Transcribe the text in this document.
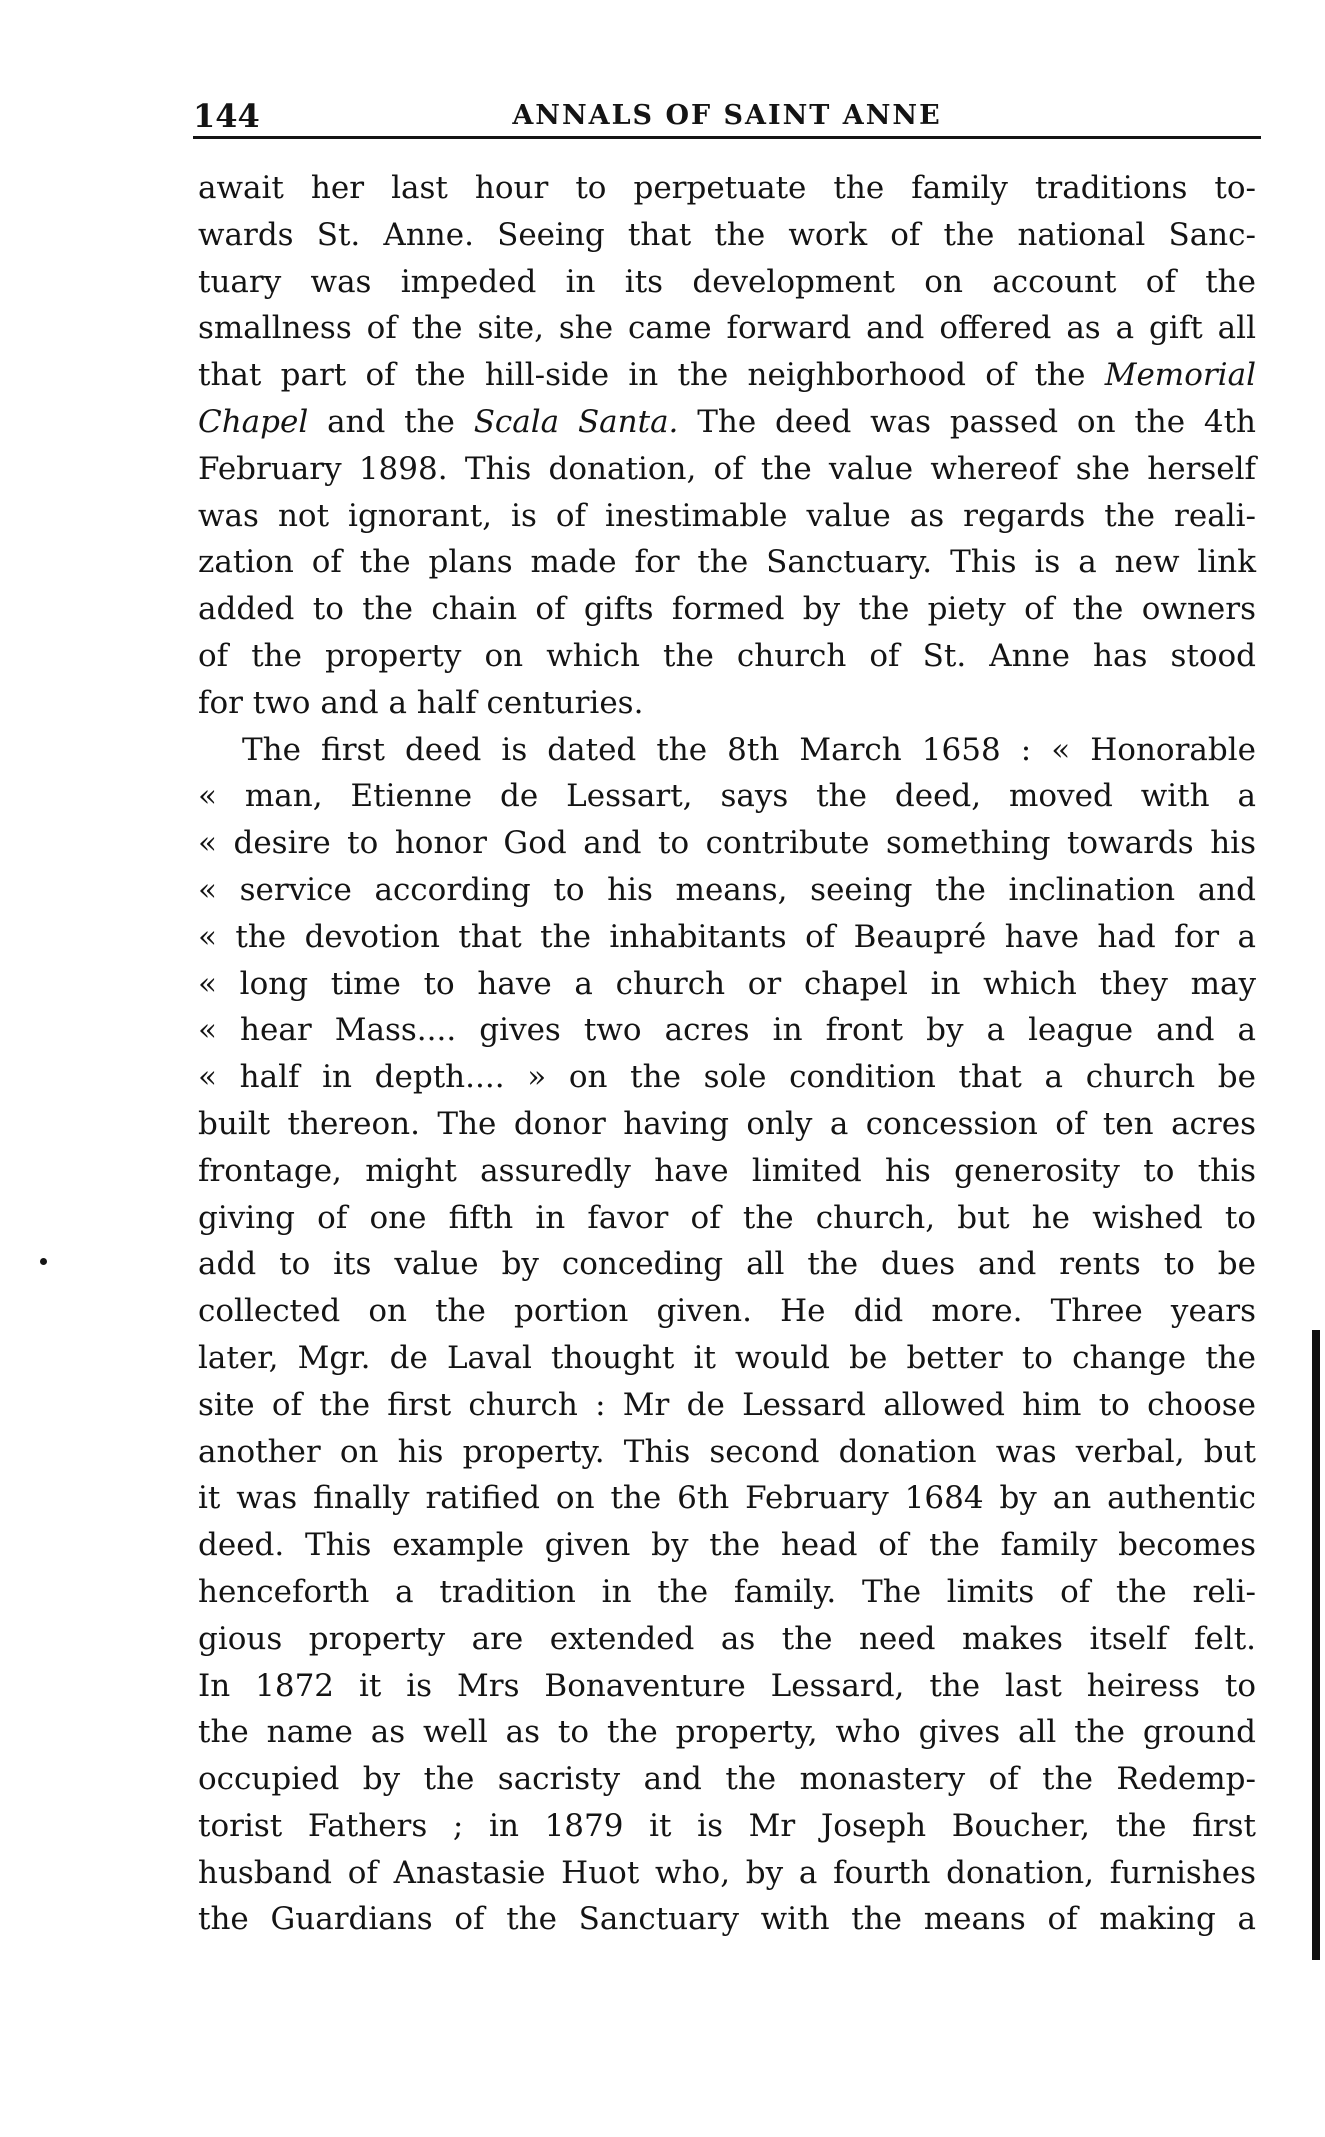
144	ANNALS OF SAINT ANNE
await her last hour to perpetuate the family traditions to-
wards St. Anne. Seeing that the work of the national Sanc-
tuary was impeded in its development on account of the
smallness of the site, she came forward and offered as a gift all
that part of the hill-side in the neighborhood of the Memorial
Chapel and the Scala Santa. The deed was passed on the 4th
February 1898. This donation, of the value whereof she herself
was not ignorant, is of inestimable value as regards the reali-
zation of the plans made for the Sanctuary. This is a new link
added to the chain of gifts formed by the piety of the owners
of the property on which the church of St. Anne has stood
for two and a half centuries.
The first deed is dated the 8th March 1658 : « Honorable
« man, Etienne de Lessart, says the deed, moved with a
« desire to honor God and to contribute something towards his
« service according to his means, seeing the inclination and
« the devotion that the inhabitants of Beaupré have had for a
« long time to have a church or chapel in which they may
« hear Mass.... gives two acres in front by a league and a
« half in depth.... » on the sole condition that a church be
built thereon. The donor having only a concession of ten acres
frontage, might assuredly have limited his generosity to this
giving of one fifth in favor of the church, but he wished to
add to its value by conceding all the dues and rents to be
collected on the portion given. He did more. Three years
later, Mgr. de Laval thought it would be better to change the
site of the first church : Mr de Lessard allowed him to choose
another on his property. This second donation was verbal, but
it was finally ratified on the 6th February 1684 by an authentic
deed. This example given by the head of the family becomes
henceforth a tradition in the family. The limits of the reli-
gious property are extended as the need makes itself felt.
In 1872 it is Mrs Bonaventure Lessard, the last heiress to
the name as well as to the property, who gives all the ground
occupied by the sacristy and the monastery of the Redemp-
torist Fathers ; in 1879 it is Mr Joseph Boucher, the first
husband of Anastasie Huot who, by a fourth donation, furnishes
the Guardians of the Sanctuary with the means of making a
